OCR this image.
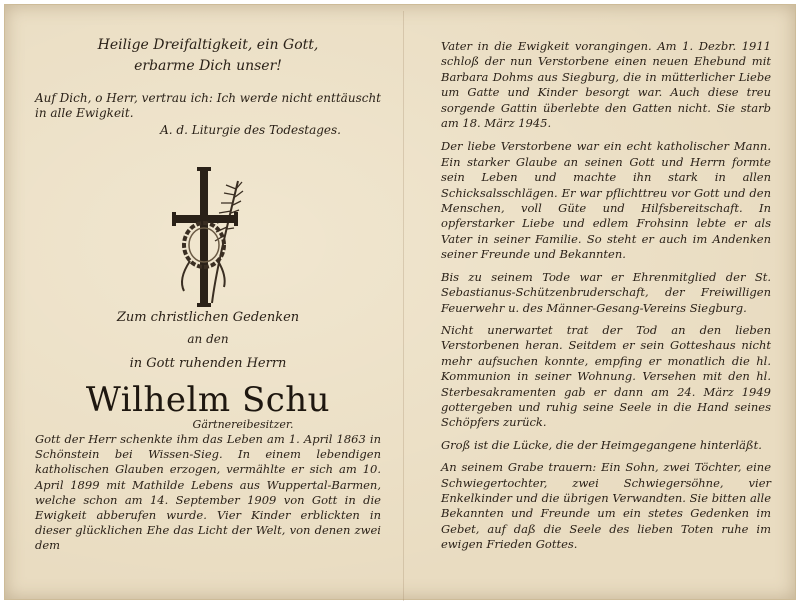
Heilige Dreifaltigkeit, ein Gott,
erbarme Dich unser!

Auf Dich, o Herr, vertrau ich: Ich werde nicht enttäuscht in alle Ewigkeit.

A. d. Liturgie des Todestages.

Zum christlichen Gedenken

an den

in Gott ruhenden Herrn

Wilhelm Schu

Gärtnereibesitzer.

Gott der Herr schenkte ihm das Leben am 1. April 1863 in Schönstein bei Wissen-Sieg. In einem lebendigen katholischen Glauben erzogen, vermählte er sich am 10. April 1899 mit Mathilde Lebens aus Wuppertal-Barmen, welche schon am 14. September 1909 von Gott in die Ewigkeit abberufen wurde. Vier Kinder erblickten in dieser glücklichen Ehe das Licht der Welt, von denen zwei dem

Vater in die Ewigkeit vorangingen. Am 1. Dezbr. 1911 schloß der nun Verstorbene einen neuen Ehebund mit Barbara Dohms aus Siegburg, die in mütterlicher Liebe um Gatte und Kinder besorgt war. Auch diese treu sorgende Gattin überlebte den Gatten nicht. Sie starb am 18. März 1945.

Der liebe Verstorbene war ein echt katholischer Mann. Ein starker Glaube an seinen Gott und Herrn formte sein Leben und machte ihn stark in allen Schicksalsschlägen. Er war pflichttreu vor Gott und den Menschen, voll Güte und Hilfsbereitschaft. In opferstarker Liebe und edlem Frohsinn lebte er als Vater in seiner Familie. So steht er auch im Andenken seiner Freunde und Bekannten.

Bis zu seinem Tode war er Ehrenmitglied der St. Sebastianus-Schützenbruderschaft, der Freiwilligen Feuerwehr u. des Männer-Gesang-Vereins Siegburg.

Nicht unerwartet trat der Tod an den lieben Verstorbenen heran. Seitdem er sein Gotteshaus nicht mehr aufsuchen konnte, empfing er monatlich die hl. Kommunion in seiner Wohnung. Versehen mit den hl. Sterbesakramenten gab er dann am 24. März 1949 gottergeben und ruhig seine Seele in die Hand seines Schöpfers zurück.

Groß ist die Lücke, die der Heimgegangene hinterläßt.

An seinem Grabe trauern: Ein Sohn, zwei Töchter, eine Schwiegertochter, zwei Schwiegersöhne, vier Enkelkinder und die übrigen Verwandten. Sie bitten alle Bekannten und Freunde um ein stetes Gedenken im Gebet, auf daß die Seele des lieben Toten ruhe im ewigen Frieden Gottes.
